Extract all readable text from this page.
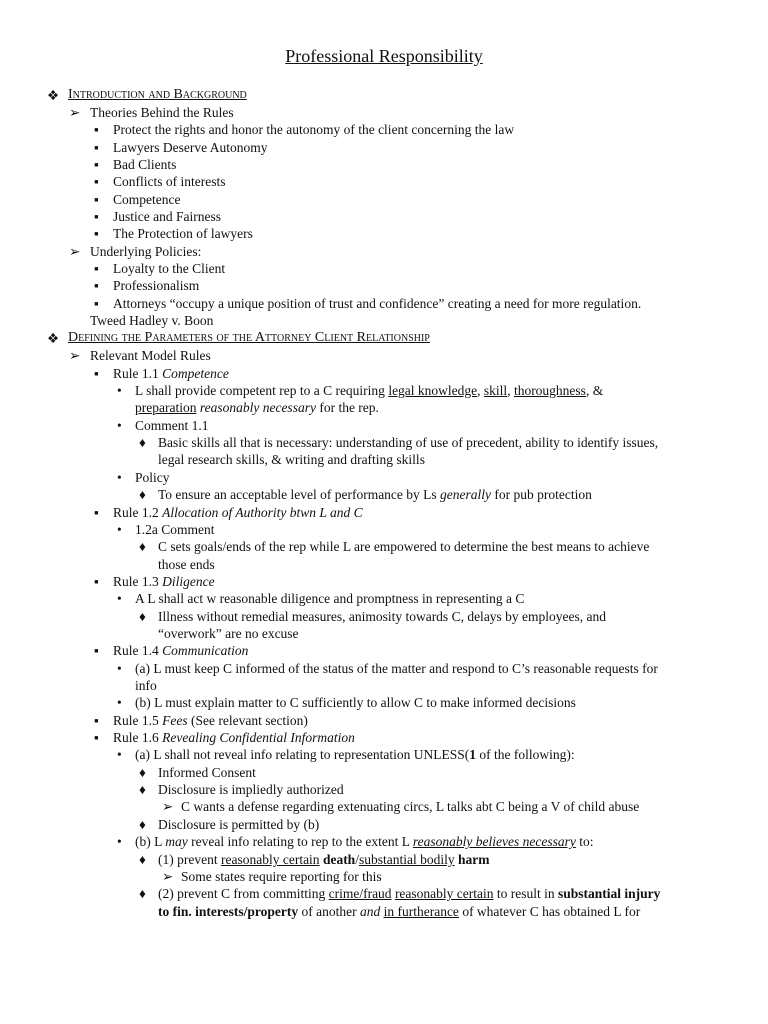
Professional Responsibility
❖ Introduction and Background
➢ Theories Behind the Rules
▪ Protect the rights and honor the autonomy of the client concerning the law
▪ Lawyers Deserve Autonomy
▪ Bad Clients
▪ Conflicts of interests
▪ Competence
▪ Justice and Fairness
▪ The Protection of lawyers
➢ Underlying Policies:
▪ Loyalty to the Client
▪ Professionalism
▪ Attorneys “occupy a unique position of trust and confidence” creating a need for more regulation.
Tweed Hadley v. Boon
❖ Defining the Parameters of the Attorney Client Relationship
➢ Relevant Model Rules
▪ Rule 1.1 Competence
• L shall provide competent rep to a C requiring legal knowledge, skill, thoroughness, &
preparation reasonably necessary for the rep.
• Comment 1.1
♦ Basic skills all that is necessary: understanding of use of precedent, ability to identify issues,
legal research skills, & writing and drafting skills
• Policy
♦ To ensure an acceptable level of performance by Ls generally for pub protection
▪ Rule 1.2 Allocation of Authority btwn L and C
• 1.2a Comment
♦ C sets goals/ends of the rep while L are empowered to determine the best means to achieve
those ends
▪ Rule 1.3 Diligence
• A L shall act w reasonable diligence and promptness in representing a C
♦ Illness without remedial measures, animosity towards C, delays by employees, and
“overwork” are no excuse
▪ Rule 1.4 Communication
• (a) L must keep C informed of the status of the matter and respond to C’s reasonable requests for
info
• (b) L must explain matter to C sufficiently to allow C to make informed decisions
▪ Rule 1.5 Fees (See relevant section)
▪ Rule 1.6 Revealing Confidential Information
• (a) L shall not reveal info relating to representation UNLESS(1 of the following):
♦ Informed Consent
♦ Disclosure is impliedly authorized
➢ C wants a defense regarding extenuating circs, L talks abt C being a V of child abuse
♦ Disclosure is permitted by (b)
• (b) L may reveal info relating to rep to the extent L reasonably believes necessary to:
♦ (1) prevent reasonably certain death/substantial bodily harm
➢ Some states require reporting for this
♦ (2) prevent C from committing crime/fraud reasonably certain to result in substantial injury
to fin. interests/property of another and in furtherance of whatever C has obtained L for
